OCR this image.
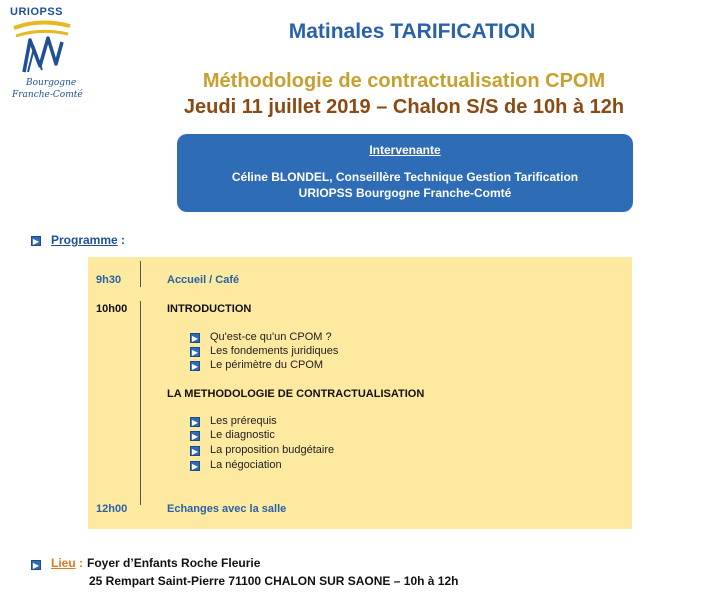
URIOPSS
Bourgogne
Franche-Comté
Matinales TARIFICATION
Méthodologie de contractualisation CPOM
Jeudi 11 juillet 2019 – Chalon S/S de 10h à 12h
Intervenante
Céline BLONDEL, Conseillère Technique Gestion Tarification
URIOPSS Bourgogne Franche-Comté
▶ Programme :
9h30	Accueil / Café
10h00	INTRODUCTION
▶ Qu'est-ce qu'un CPOM ?
▶ Les fondements juridiques
▶ Le périmètre du CPOM
LA METHODOLOGIE DE CONTRACTUALISATION
▶ Les prérequis
▶ Le diagnostic
▶ La proposition budgétaire
▶ La négociation
12h00	Echanges avec la salle
▶ Lieu : Foyer d’Enfants Roche Fleurie
25 Rempart Saint-Pierre 71100 CHALON SUR SAONE – 10h à 12h
